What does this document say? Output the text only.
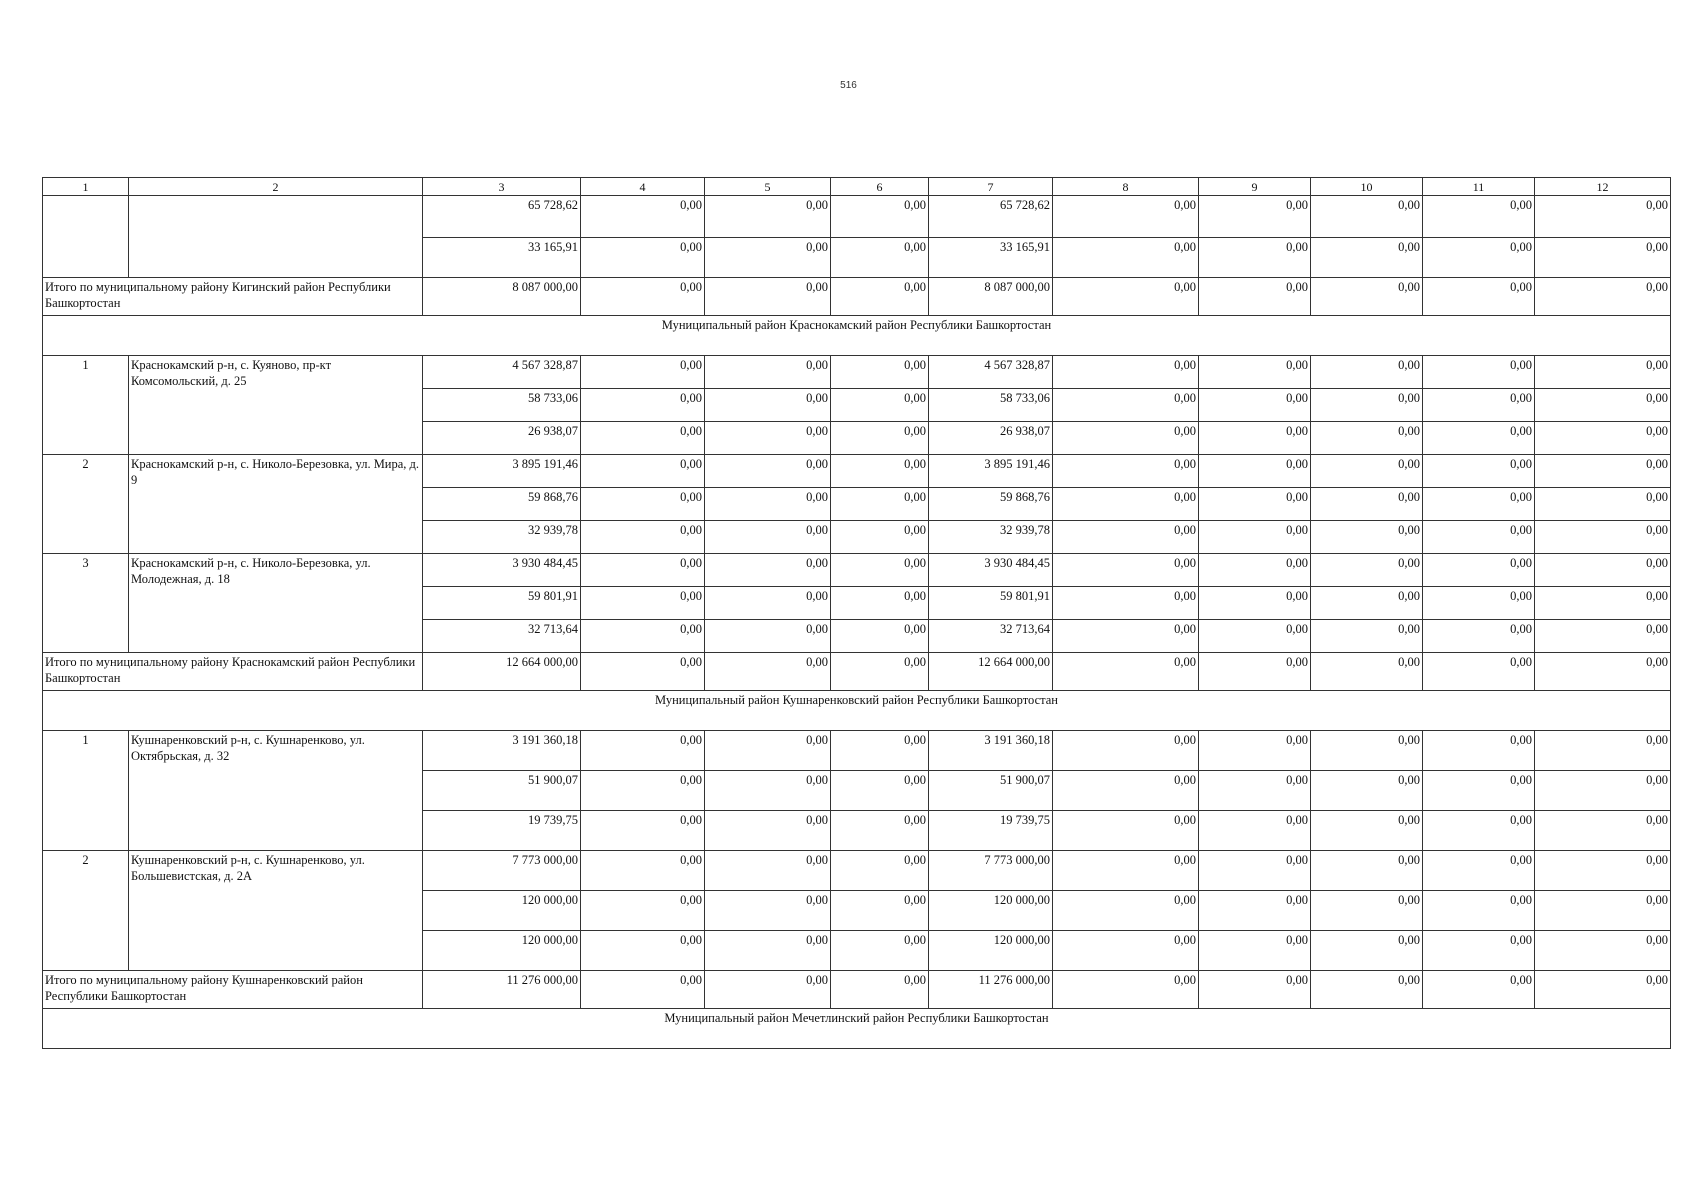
516
1	2	3	4	5	6	7	8	9	10	11	12
		65 728,62	0,00	0,00	0,00	65 728,62	0,00	0,00	0,00	0,00	0,00
		33 165,91	0,00	0,00	0,00	33 165,91	0,00	0,00	0,00	0,00	0,00
Итого по муниципальному району Кигинский район Республики Башкортостан		8 087 000,00	0,00	0,00	0,00	8 087 000,00	0,00	0,00	0,00	0,00	0,00
Муниципальный район Краснокамский район Республики Башкортостан											
1	Краснокамский р-н, с. Куяново, пр-кт Комсомольский, д. 25	4 567 328,87	0,00	0,00	0,00	4 567 328,87	0,00	0,00	0,00	0,00	0,00
		58 733,06	0,00	0,00	0,00	58 733,06	0,00	0,00	0,00	0,00	0,00
		26 938,07	0,00	0,00	0,00	26 938,07	0,00	0,00	0,00	0,00	0,00
2	Краснокамский р-н, с. Николо-Березовка, ул. Мира, д. 9	3 895 191,46	0,00	0,00	0,00	3 895 191,46	0,00	0,00	0,00	0,00	0,00
		59 868,76	0,00	0,00	0,00	59 868,76	0,00	0,00	0,00	0,00	0,00
		32 939,78	0,00	0,00	0,00	32 939,78	0,00	0,00	0,00	0,00	0,00
3	Краснокамский р-н, с. Николо-Березовка, ул. Молодежная, д. 18	3 930 484,45	0,00	0,00	0,00	3 930 484,45	0,00	0,00	0,00	0,00	0,00
		59 801,91	0,00	0,00	0,00	59 801,91	0,00	0,00	0,00	0,00	0,00
		32 713,64	0,00	0,00	0,00	32 713,64	0,00	0,00	0,00	0,00	0,00
Итого по муниципальному району Краснокамский район Республики Башкортостан		12 664 000,00	0,00	0,00	0,00	12 664 000,00	0,00	0,00	0,00	0,00	0,00
Муниципальный район Кушнаренковский район Республики Башкортостан											
1	Кушнаренковский р-н, с. Кушнаренково, ул. Октябрьская, д. 32	3 191 360,18	0,00	0,00	0,00	3 191 360,18	0,00	0,00	0,00	0,00	0,00
		51 900,07	0,00	0,00	0,00	51 900,07	0,00	0,00	0,00	0,00	0,00
		19 739,75	0,00	0,00	0,00	19 739,75	0,00	0,00	0,00	0,00	0,00
2	Кушнаренковский р-н, с. Кушнаренково, ул. Большевистская, д. 2А	7 773 000,00	0,00	0,00	0,00	7 773 000,00	0,00	0,00	0,00	0,00	0,00
		120 000,00	0,00	0,00	0,00	120 000,00	0,00	0,00	0,00	0,00	0,00
		120 000,00	0,00	0,00	0,00	120 000,00	0,00	0,00	0,00	0,00	0,00
Итого по муниципальному району Кушнаренковский район Республики Башкортостан		11 276 000,00	0,00	0,00	0,00	11 276 000,00	0,00	0,00	0,00	0,00	0,00
Муниципальный район Мечетлинский район Республики Башкортостан											
